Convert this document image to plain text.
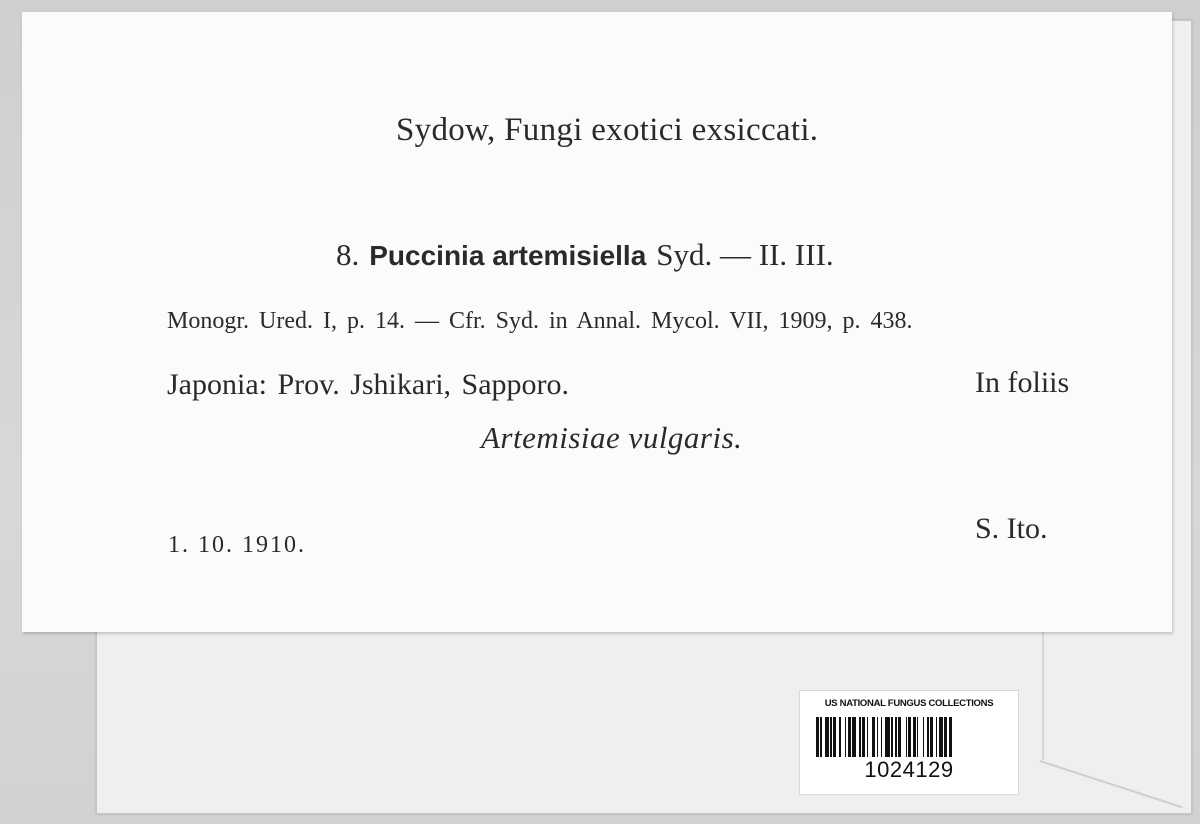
Sydow, Fungi exotici exsiccati.
8. Puccinia artemisiella Syd. — II. III.
Monogr. Ured. I, p. 14. — Cfr. Syd. in Annal. Mycol. VII, 1909, p. 438.
Japonia: Prov. Jshikari, Sapporo.	In foliis
Artemisiae vulgaris.
1. 10. 1910.	S. Ito.
US NATIONAL FUNGUS COLLECTIONS
1024129
